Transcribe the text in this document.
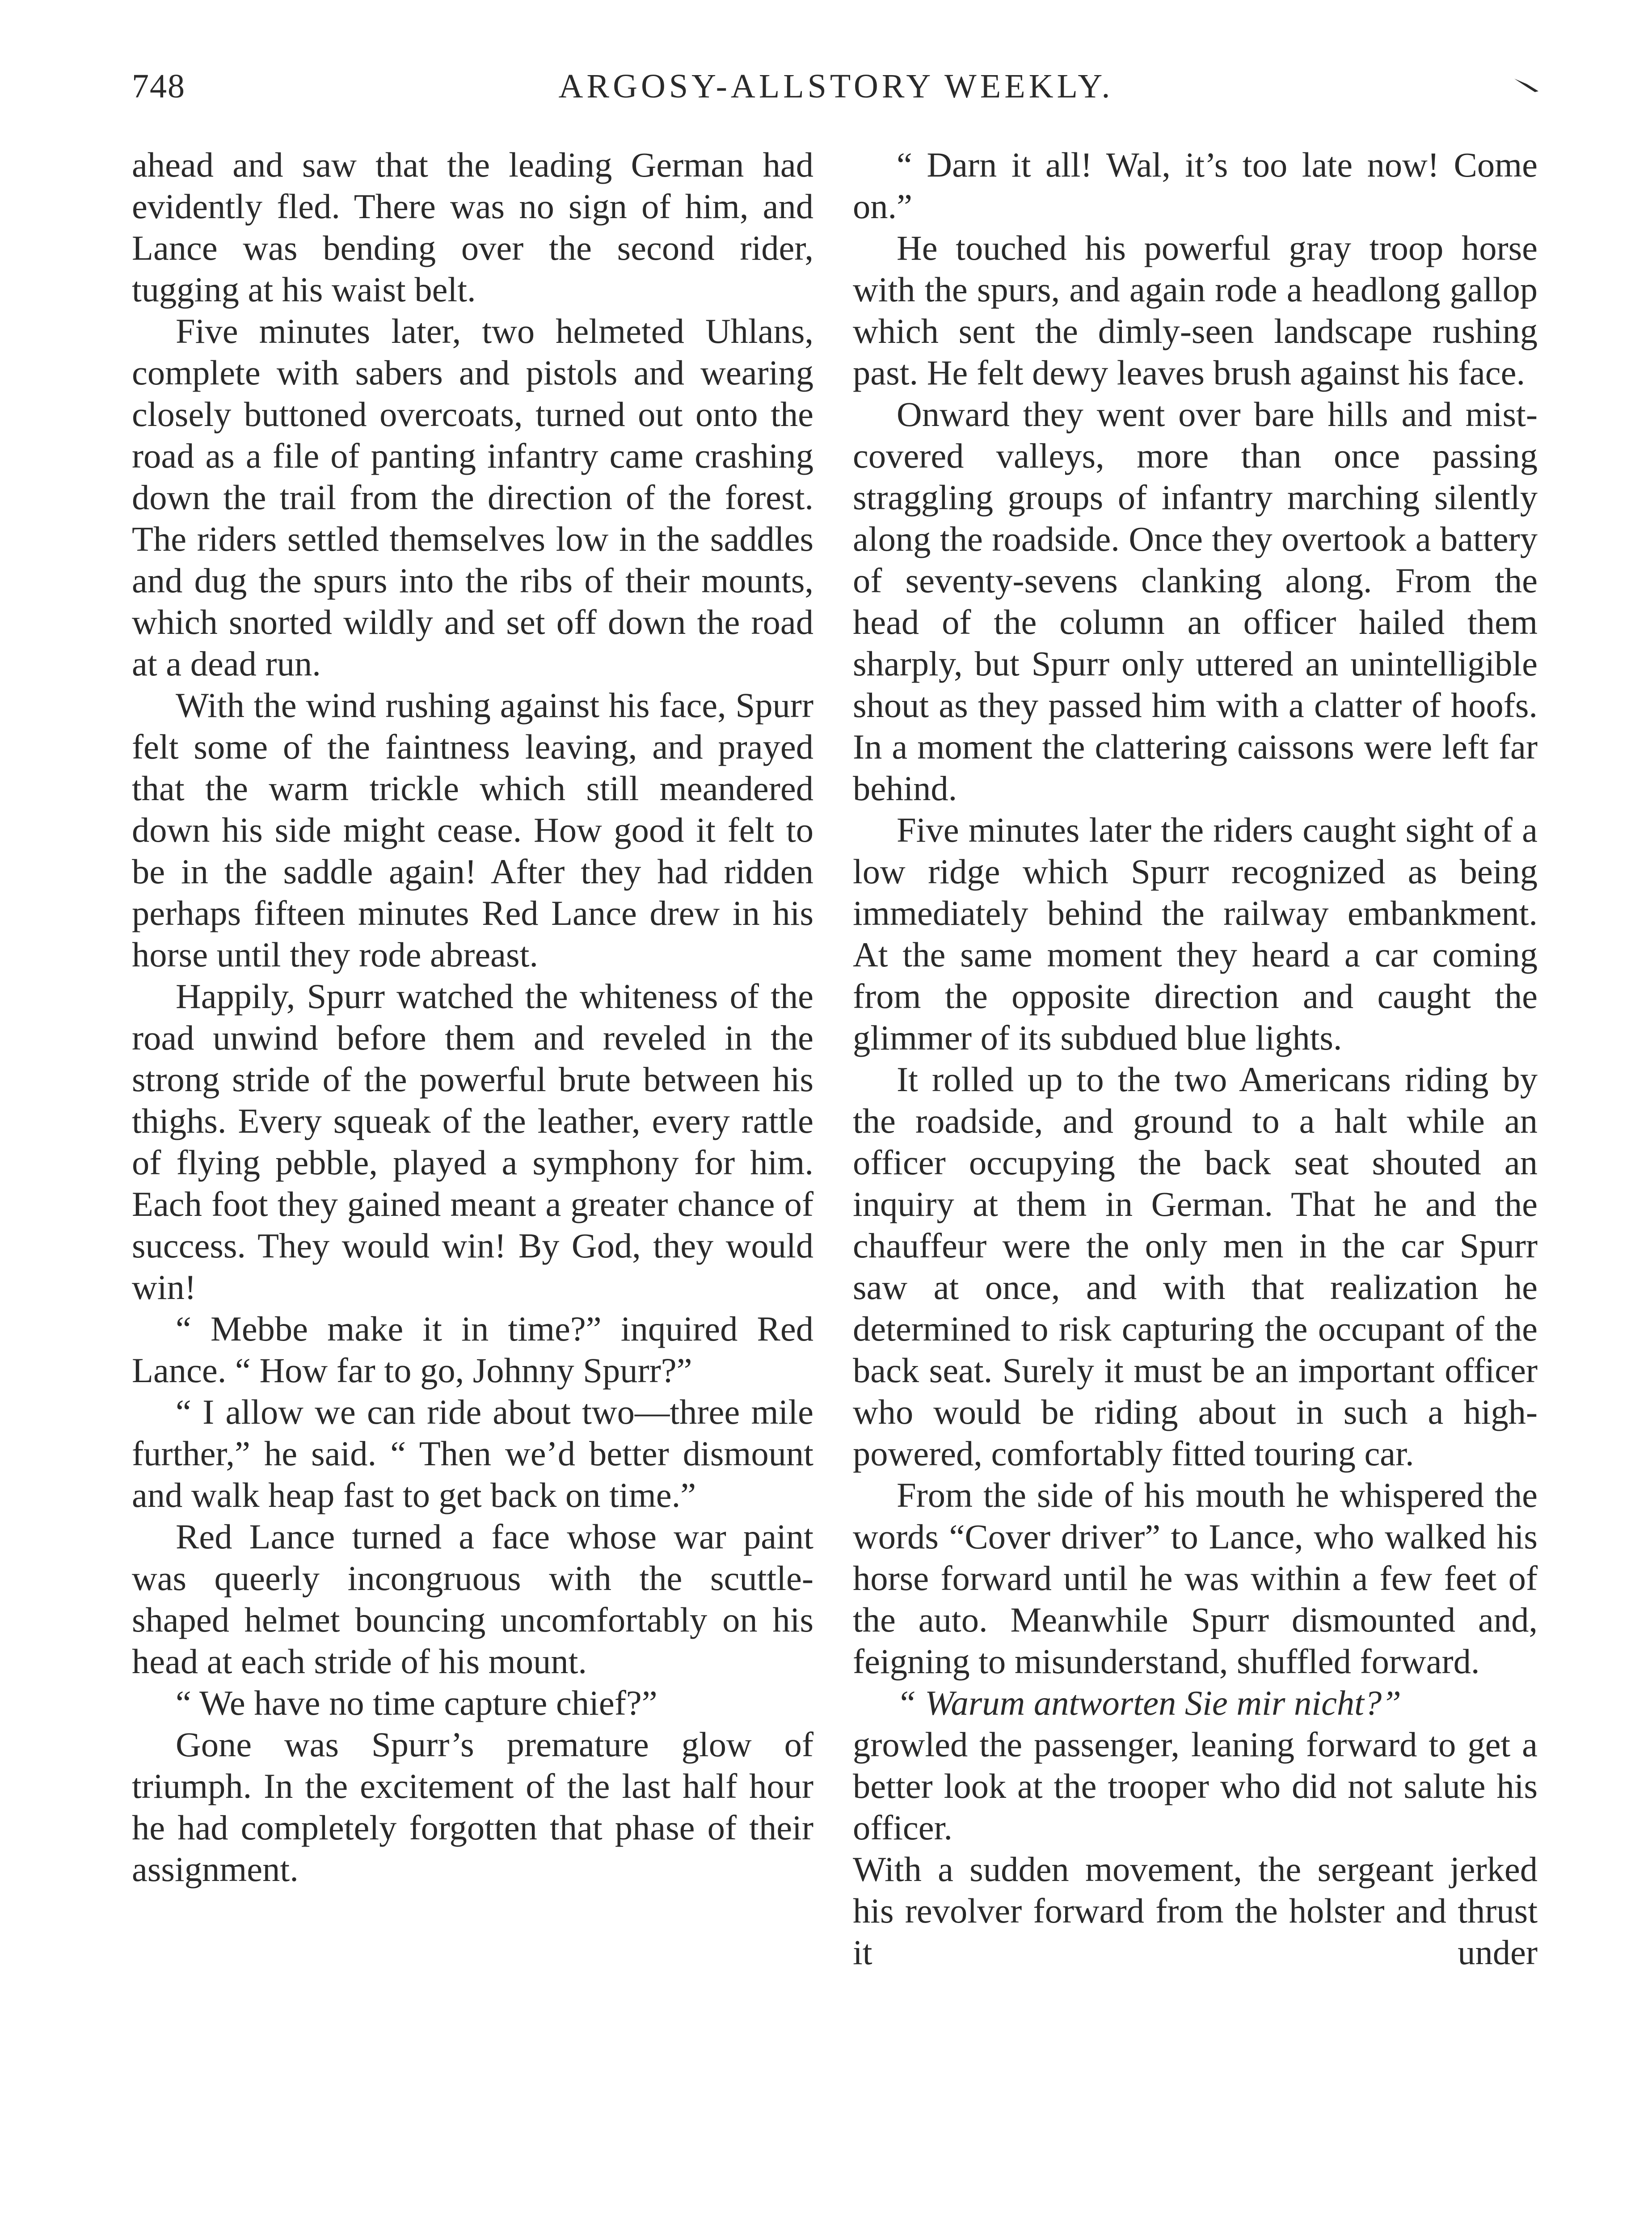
748	ARGOSY-ALLSTORY WEEKLY.

ahead and saw that the leading German had evidently fled. There was no sign of him, and Lance was bending over the second rider, tugging at his waist belt.

Five minutes later, two helmeted Uhlans, complete with sabers and pistols and wearing closely buttoned overcoats, turned out onto the road as a file of panting infantry came crashing down the trail from the direction of the forest. The riders settled themselves low in the saddles and dug the spurs into the ribs of their mounts, which snorted wildly and set off down the road at a dead run.

With the wind rushing against his face, Spurr felt some of the faintness leaving, and prayed that the warm trickle which still meandered down his side might cease. How good it felt to be in the saddle again! After they had ridden perhaps fifteen minutes Red Lance drew in his horse until they rode abreast.

Happily, Spurr watched the whiteness of the road unwind before them and reveled in the strong stride of the powerful brute between his thighs. Every squeak of the leather, every rattle of flying pebble, played a symphony for him. Each foot they gained meant a greater chance of success. They would win! By God, they would win!

“ Mebbe make it in time?” inquired Red Lance. “ How far to go, Johnny Spurr?”

“ I allow we can ride about two—three mile further,” he said. “ Then we’d better dismount and walk heap fast to get back on time.”

Red Lance turned a face whose war paint was queerly incongruous with the scuttle-shaped helmet bouncing uncomfortably on his head at each stride of his mount.

“ We have no time capture chief?”

Gone was Spurr’s premature glow of triumph. In the excitement of the last half hour he had completely forgotten that phase of their assignment.

“ Darn it all! Wal, it’s too late now! Come on.”

He touched his powerful gray troop horse with the spurs, and again rode a headlong gallop which sent the dimly-seen landscape rushing past. He felt dewy leaves brush against his face.

Onward they went over bare hills and mist-covered valleys, more than once passing straggling groups of infantry marching silently along the roadside. Once they overtook a battery of seventy-sevens clanking along. From the head of the column an officer hailed them sharply, but Spurr only uttered an unintelligible shout as they passed him with a clatter of hoofs. In a moment the clattering caissons were left far behind.

Five minutes later the riders caught sight of a low ridge which Spurr recognized as being immediately behind the railway embankment. At the same moment they heard a car coming from the opposite direction and caught the glimmer of its subdued blue lights.

It rolled up to the two Americans riding by the roadside, and ground to a halt while an officer occupying the back seat shouted an inquiry at them in German. That he and the chauffeur were the only men in the car Spurr saw at once, and with that realization he determined to risk capturing the occupant of the back seat. Surely it must be an important officer who would be riding about in such a high-powered, comfortably fitted touring car.

From the side of his mouth he whispered the words “Cover driver” to Lance, who walked his horse forward until he was within a few feet of the auto. Meanwhile Spurr dismounted and, feigning to misunderstand, shuffled forward.

“ Warum antworten Sie mir nicht?”

growled the passenger, leaning forward to get a better look at the trooper who did not salute his officer.

With a sudden movement, the sergeant jerked his revolver forward from the holster and thrust it under
